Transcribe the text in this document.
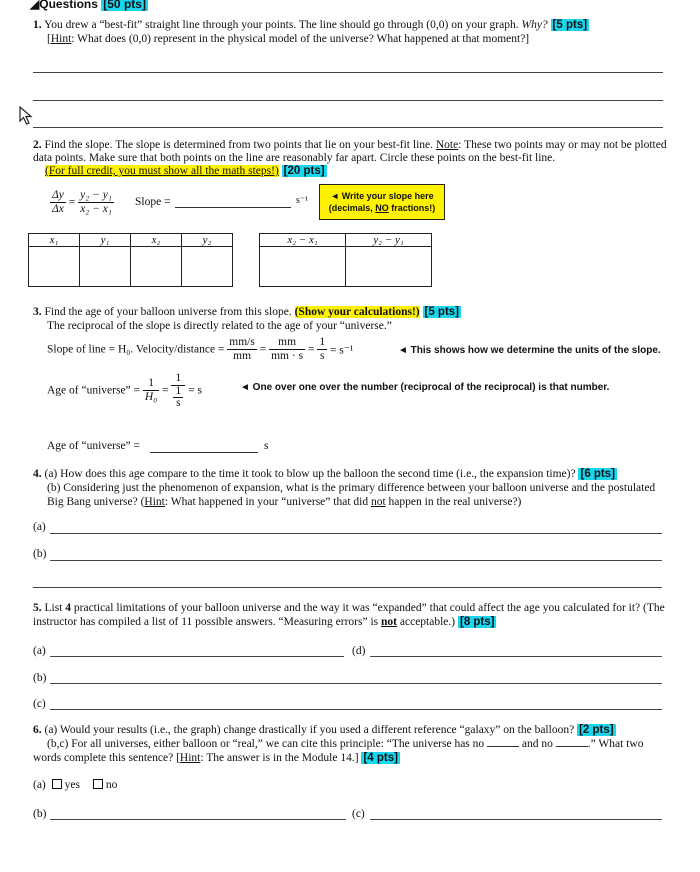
◢Questions [50 pts]
1. You drew a “best-fit” straight line through your points. The line should go through (0,0) on your graph. Why? [5 pts]
[Hint: What does (0,0) represent in the physical model of the universe? What happened at that moment?]
2. Find the slope. The slope is determined from two points that lie on your best-fit line. Note: These two points may or may not be plotted data points. Make sure that both points on the line are reasonably far apart. Circle these points on the best-fit line.
(For full credit, you must show all the math steps!) [20 pts]
$\frac{\Delta y}{\Delta x} = \frac{\text{y₂ − y₁}}{\text{x₂ − x₁}}$ Slope =	s⁻¹	◄ Write your slope here
(decimals, NO fractions!)
x₁	y₁	x₂	y₂
				x₂ − x₁	y₂ − y₁

3. Find the age of your balloon universe from this slope. (Show your calculations!) [5 pts]
The reciprocal of the slope is directly related to the age of your “universe.”
Slope of line = H₀. Velocity/distance = $\frac{mm/s}{mm} = \frac{mm}{mm \cdot s} = \frac{1}{s} = s^{-1}$	◄ This shows how we determine the units of the slope.
Age of “universe” = $\frac{1}{\text{H₀}} = \frac{1}{\frac{1}{s}} = s$	◄ One over one over the number (reciprocal of the reciprocal) is that number.
Age of “universe” =	s
4. (a) How does this age compare to the time it took to blow up the balloon the second time (i.e., the expansion time)? [6 pts]

(b) Considering just the phenomenon of expansion, what is the primary difference between your balloon universe and the postulated Big Bang universe? (Hint: What happened in your “universe” that did not happen in the real universe?)
(a)
(b)
5. List 4 practical limitations of your balloon universe and the way it was “expanded” that could affect the age you calculated for it? (The instructor has compiled a list of 11 possible answers. “Measuring errors” is not acceptable.) [8 pts]
(a)	(d)
(b)
(c)
6. (a) Would your results (i.e., the graph) change drastically if you used a different reference “galaxy” on the balloon? [2 pts]
(b,c) For all universes, either balloon or “real,” we can cite this principle: “The universe has no	and no	.” What two words complete this sentence? [Hint: The answer is in the Module 14.] [4 pts]
(a) yes no
(b)	(c)
